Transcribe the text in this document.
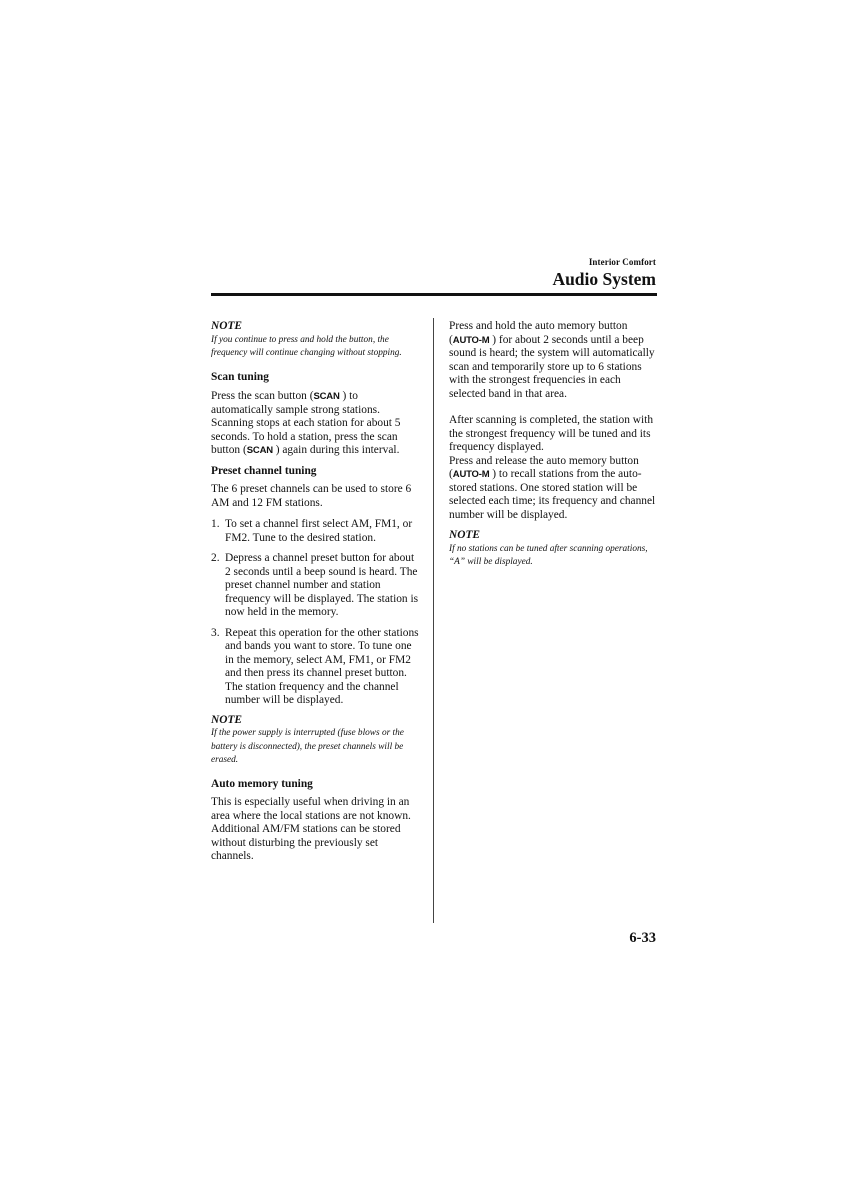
Interior Comfort
Audio System

NOTE

If you continue to press and hold the button, the frequency will continue changing without stopping.

Scan tuning

Press the scan button (SCAN ) to automatically sample strong stations. Scanning stops at each station for about 5 seconds. To hold a station, press the scan button (SCAN ) again during this interval.

Preset channel tuning

The 6 preset channels can be used to store 6 AM and 12 FM stations.

1. To set a channel first select AM, FM1, or FM2. Tune to the desired station.
2. Depress a channel preset button for about 2 seconds until a beep sound is heard. The preset channel number and station frequency will be displayed. The station is now held in the memory.
3. Repeat this operation for the other stations and bands you want to store. To tune one in the memory, select AM, FM1, or FM2 and then press its channel preset button. The station frequency and the channel number will be displayed.

NOTE

If the power supply is interrupted (fuse blows or the battery is disconnected), the preset channels will be erased.

Auto memory tuning

This is especially useful when driving in an area where the local stations are not known. Additional AM/FM stations can be stored without disturbing the previously set channels.

Press and hold the auto memory button (AUTO-M ) for about 2 seconds until a beep sound is heard; the system will automatically scan and temporarily store up to 6 stations with the strongest frequencies in each selected band in that area.

After scanning is completed, the station with the strongest frequency will be tuned and its frequency displayed.

Press and release the auto memory button (AUTO-M ) to recall stations from the auto-stored stations. One stored station will be selected each time; its frequency and channel number will be displayed.

NOTE

If no stations can be tuned after scanning operations, “A” will be displayed.

6-33
